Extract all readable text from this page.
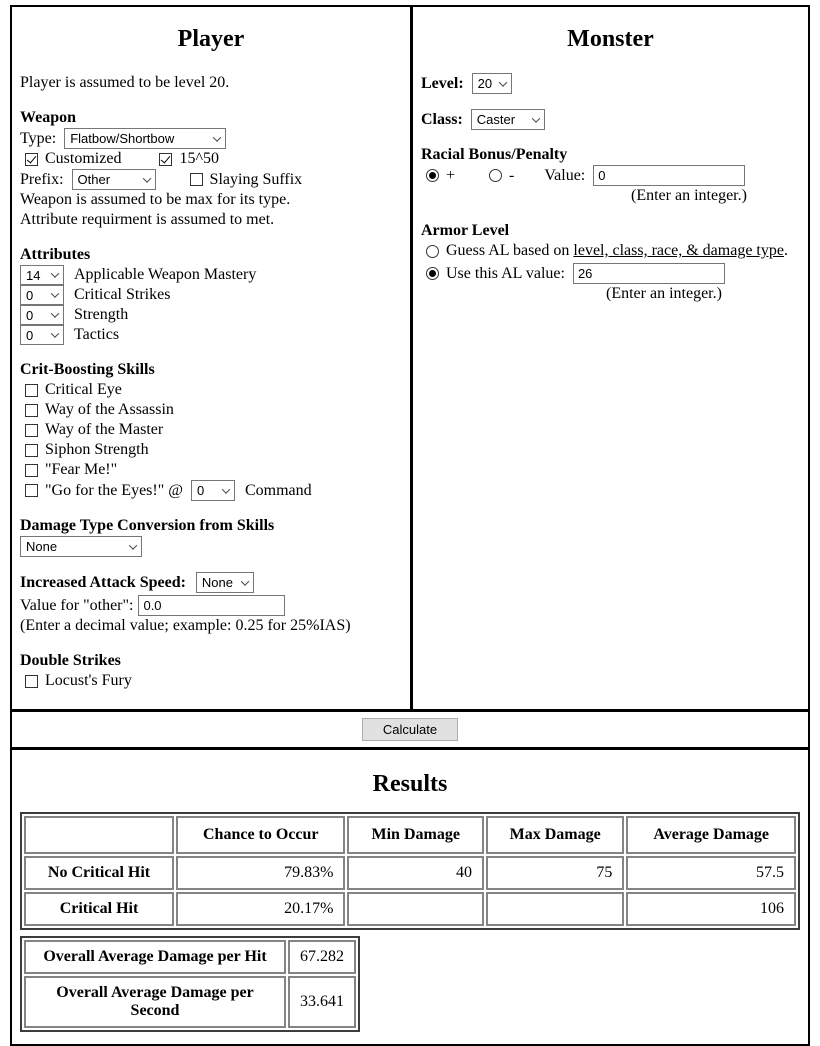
Player
Player is assumed to be level 20.
Weapon
Type: Flatbow/Shortbow
Customized	15^50
Prefix: Other	Slaying Suffix
Weapon is assumed to be max for its type.
Attribute requirment is assumed to met.
Attributes
14 Applicable Weapon Mastery
0	Critical Strikes
0	Strength
0	Tactics
Crit-Boosting Skills
Critical Eye
Way of the Assassin
Way of the Master
Siphon Strength
"Fear Me!"
"Go for the Eyes!" @ 0	Command
Damage Type Conversion from Skills
None
Increased Attack Speed: None
Value for "other":
0.0
(Enter a decimal value; example: 0.25 for 25%IAS)
Double Strikes
Locust's Fury
Monster
Level: 20
Class: Caster
Racial Bonus/Penalty
+	- Value:
0
(Enter an integer.)
Armor Level
Guess AL based on level, class, race, & damage type.
Use this AL value:
26
(Enter an integer.)
Calculate
Results
	Chance to Occur	Min Damage	Max Damage	Average Damage
No Critical Hit	79.83%	40	75	57.5
Critical Hit	20.17%			106
Overall Average Damage per Hit	67.282
Overall Average Damage per Second	33.641
